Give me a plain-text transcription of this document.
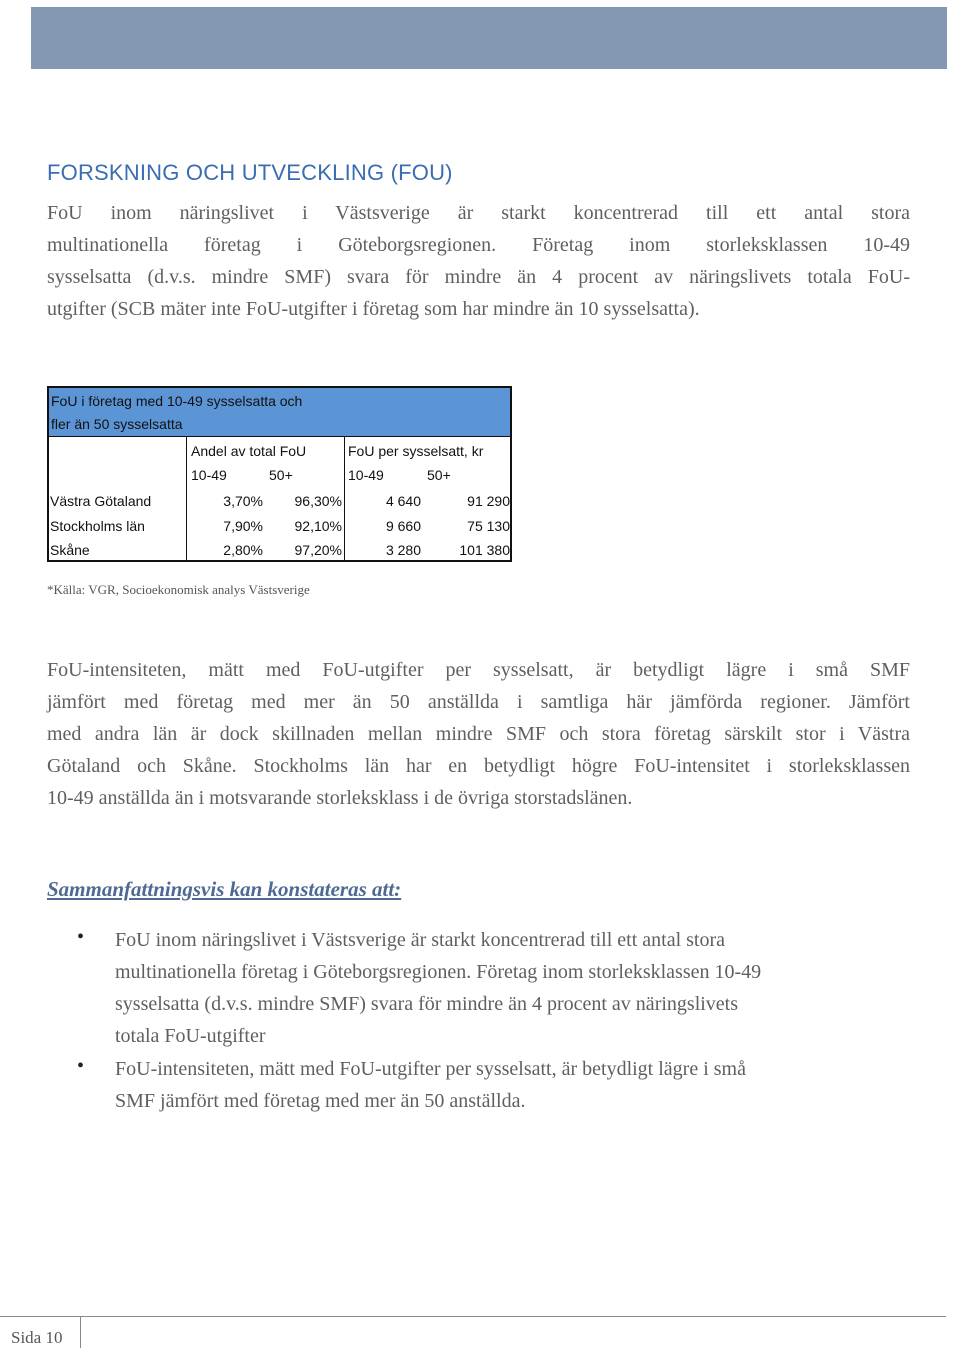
FORSKNING OCH UTVECKLING (FOU)
FoU inom näringslivet i Västsverige är starkt koncentrerad till ett antal stora
multinationella företag i Göteborgsregionen. Företag inom storleksklassen 10-49
sysselsatta (d.v.s. mindre SMF) svara för mindre än 4 procent av näringslivets totala FoU-
utgifter (SCB mäter inte FoU-utgifter i företag som har mindre än 10 sysselsatta).
FoU i företag med 10-49 sysselsatta och
fler än 50 sysselsatta
Andel av total FoU	FoU per sysselsatt, kr
10-49	50+	10-49	50+
Västra Götaland	3,70%	96,30%	4 640	91 290
Stockholms län	7,90%	92,10%	9 660	75 130
Skåne	2,80%	97,20%	3 280	101 380
*Källa: VGR, Socioekonomisk analys Västsverige
FoU-intensiteten, mätt med FoU-utgifter per sysselsatt, är betydligt lägre i små SMF
jämfört med företag med mer än 50 anställda i samtliga här jämförda regioner. Jämfört
med andra län är dock skillnaden mellan mindre SMF och stora företag särskilt stor i Västra
Götaland och Skåne. Stockholms län har en betydligt högre FoU-intensitet i storleksklassen
10-49 anställda än i motsvarande storleksklass i de övriga storstadslänen.
Sammanfattningsvis kan konstateras att:
• FoU inom näringslivet i Västsverige är starkt koncentrerad till ett antal stora
multinationella företag i Göteborgsregionen. Företag inom storleksklassen 10-49
sysselsatta (d.v.s. mindre SMF) svara för mindre än 4 procent av näringslivets
totala FoU-utgifter
• FoU-intensiteten, mätt med FoU-utgifter per sysselsatt, är betydligt lägre i små
SMF jämfört med företag med mer än 50 anställda.
Sida 10
